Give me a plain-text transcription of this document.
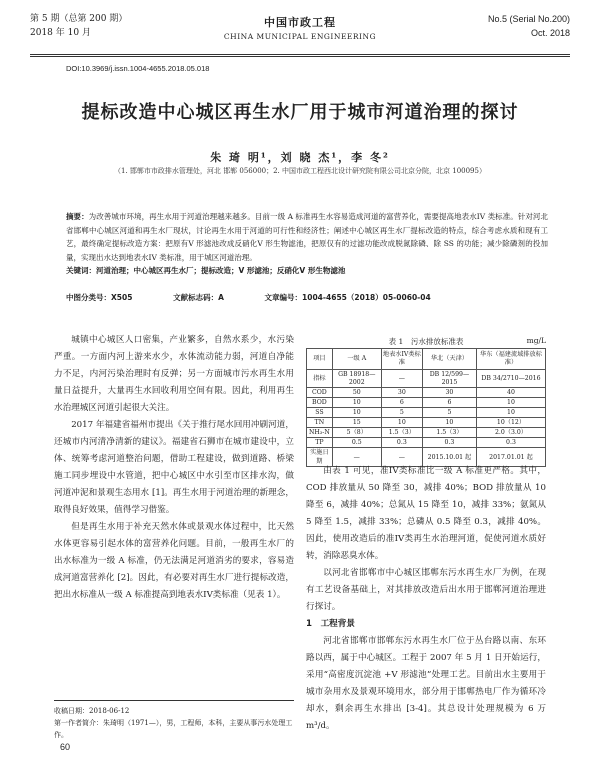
第 5 期（总第 200 期）
2018 年 10 月
中国市政工程
CHINA MUNICIPAL ENGINEERING
No.5 (Serial No.200)
Oct. 2018
DOI:10.3969/j.issn.1004-4655.2018.05.018
提标改造中心城区再生水厂用于城市河道治理的探讨
朱 琦 明¹，刘 晓 杰¹，李 冬²
（1. 邯郸市市政排水管理处，河北 邯郸 056000；2. 中国市政工程西北设计研究院有限公司北京分院，北京 100095）
摘要：为改善城市环境，再生水用于河道治理越来越多。目前一级 A 标准再生水容易造成河道的富营养化，需要提高地表水IV 类标准。针对河北省邯郸中心城区河道和再生水厂现状，讨论再生水用于河道的可行性和经济性；阐述中心城区再生水厂提标改造的特点，综合考虑水质和现有工艺，最终确定提标改造方案：把原有V 形滤池改成反硝化V 形生物滤池，把原仅有的过滤功能改成脱氮除磷、除 SS 的功能；减少除磷剂的投加量，实现出水达到地表水IV 类标准，用于城区河道治理。
关键词：河道治理；中心城区再生水厂；提标改造；V 形滤池；反硝化V 形生物滤池
中图分类号：X505	文献标志码：A	文章编号：1004-4655（2018）05-0060-04

城镇中心城区人口密集，产业繁多，自然水系少，水污染严重。一方面内河上游来水少，水体流动能力弱，河道自净能力不足，内河污染治理时有反弹；另一方面城市污水再生水用量日益提升，大量再生水回收利用空间有限。因此，利用再生水治理城区河道引起很大关注。

2017 年福建省福州市提出《关于推行尾水回用冲刷河道，还城市内河清净清新的建议》。福建省石狮市在城市建设中，立体、统筹考虑河道整治问题，借助工程建设，做到道路、桥梁施工同步埋设中水管道，把中心城区中水引至市区排水沟，做河道冲泥和景观生态用水 [1]。再生水用于河道治理的新理念，取得良好效果，值得学习借鉴。

但是再生水用于补充天然水体或景观水体过程中，比天然水体更容易引起水体的富营养化问题。目前，一般再生水厂的出水标准为一级 A 标准，仍无法满足河道消劣的要求，容易造成河道富营养化 [2]。因此，有必要对再生水厂进行提标改造，把出水标准从一级 A 标准提高到地表水IV类标准（见表 1）。

表 1　污水排放标准表	mg/L
项目	一级 A	地表水IV类标准	华北（天津）	华东（福建流域排放标准）
指标	GB 18918—2002	—	DB 12/599—2015	DB 34/2710—2016
COD	50	30	30	40
BOD	10	6	6	10
SS	10	5	5	10
TN	15	10	10	10（12）
NH₃-N	5（8）	1.5（3）	1.5（3）	2.0（3.0）
TP	0.5	0.3	0.3	0.3
实施日期	—	—	2015.10.01 起	2017.01.01 起

由表 1 可见，准IV类标准比一级 A 标准更严格。其中，COD 排放量从 50 降至 30，减排 40%；BOD 排放量从 10 降至 6，减排 40%；总氮从 15 降至 10，减排 33%；氨氮从 5 降至 1.5，减排 33%；总磷从 0.5 降至 0.3，减排 40%。因此，使用改造后的准IV类再生水治理河道，促使河道水质好转，消除恶臭水体。

以河北省邯郸市中心城区邯郸东污水再生水厂为例，在现有工艺设备基础上，对其排放改造后出水用于邯郸河道治理进行探讨。

1　工程背景

河北省邯郸市邯郸东污水再生水厂位于丛台路以南、东环路以西，属于中心城区。工程于 2007 年 5 月 1 日开始运行，采用“高密度沉淀池 +V 形滤池”处理工艺。目前出水主要用于城市杂用水及景观环境用水，部分用于邯郸热电厂作为循环冷却水，剩余再生水排出 [3-4]。其总设计处理规模为 6 万 m³/d。

收稿日期：2018-06-12
第一作者简介：朱琦明（1971—），男，工程师，本科，主要从事污水处理工作。
60
